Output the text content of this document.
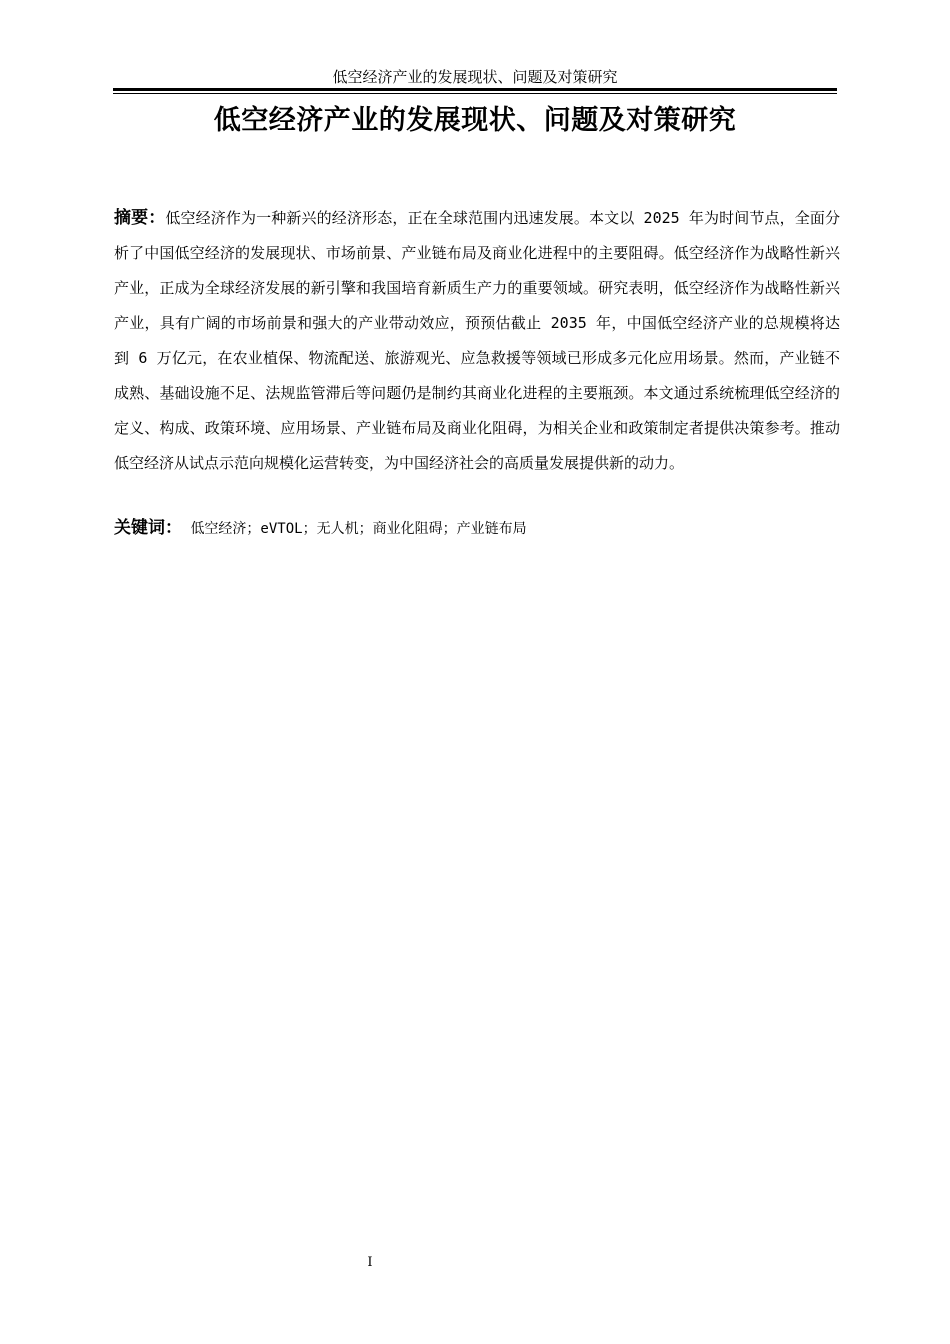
低空经济产业的发展现状、问题及对策研究
低空经济产业的发展现状、问题及对策研究
摘要：低空经济作为一种新兴的经济形态，正在全球范围内迅速发展。本文以 2025 年为时间节点，全面分析了中国低空经济的发展现状、市场前景、产业链布局及商业化进程中的主要阻碍。低空经济作为战略性新兴产业，正成为全球经济发展的新引擎和我国培育新质生产力的重要领域。研究表明，低空经济作为战略性新兴产业，具有广阔的市场前景和强大的产业带动效应，预预估截止 2035 年，中国低空经济产业的总规模将达到 6 万亿元，在农业植保、物流配送、旅游观光、应急救援等领域已形成多元化应用场景。然而，产业链不成熟、基础设施不足、法规监管滞后等问题仍是制约其商业化进程的主要瓶颈。本文通过系统梳理低空经济的定义、构成、政策环境、应用场景、产业链布局及商业化阻碍，为相关企业和政策制定者提供决策参考。推动低空经济从试点示范向规模化运营转变，为中国经济社会的高质量发展提供新的动力。
关键词： 低空经济；eVTOL；无人机；商业化阻碍；产业链布局
I
